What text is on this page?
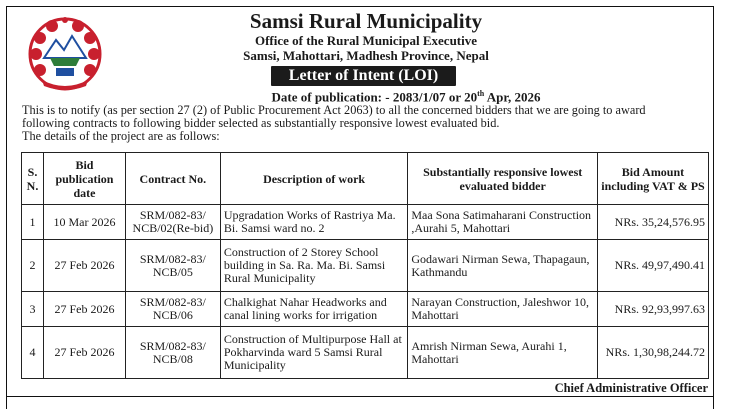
Samsi Rural Municipality
Office of the Rural Municipal Executive
Samsi, Mahottari, Madhesh Province, Nepal
Letter of Intent (LOI)
Date of publication: - 2083/1/07 or 20th Apr, 2026
This is to notify (as per section 27 (2) of Public Procurement Act 2063) to all the concerned bidders that we are going to award
following contracts to following bidder selected as substantially responsive lowest evaluated bid.
The details of the project are as follows:
S. N.	Bid publication date	Contract No.	Description of work	Substantially responsive lowest evaluated bidder	Bid Amount including VAT & PS
1	10 Mar 2026	SRM/082-83/ NCB/02(Re-bid)	Upgradation Works of Rastriya Ma. Bi. Samsi ward no. 2	Maa Sona Satimaharani Construction ,Aurahi 5, Mahottari	NRs. 35,24,576.95
2	27 Feb 2026	SRM/082-83/ NCB/05	Construction of 2 Storey School building in Sa. Ra. Ma. Bi. Samsi Rural Municipality	Godawari Nirman Sewa, Thapagaun, Kathmandu	NRs. 49,97,490.41
3	27 Feb 2026	SRM/082-83/ NCB/06	Chalkighat Nahar Headworks and canal lining works for irrigation	Narayan Construction, Jaleshwor 10, Mahottari	NRs. 92,93,997.63
4	27 Feb 2026	SRM/082-83/ NCB/08	Construction of Multipurpose Hall at Pokharvinda ward 5 Samsi Rural Municipality	Amrish Nirman Sewa, Aurahi 1, Mahottari	NRs. 1,30,98,244.72
Chief Administrative Officer
